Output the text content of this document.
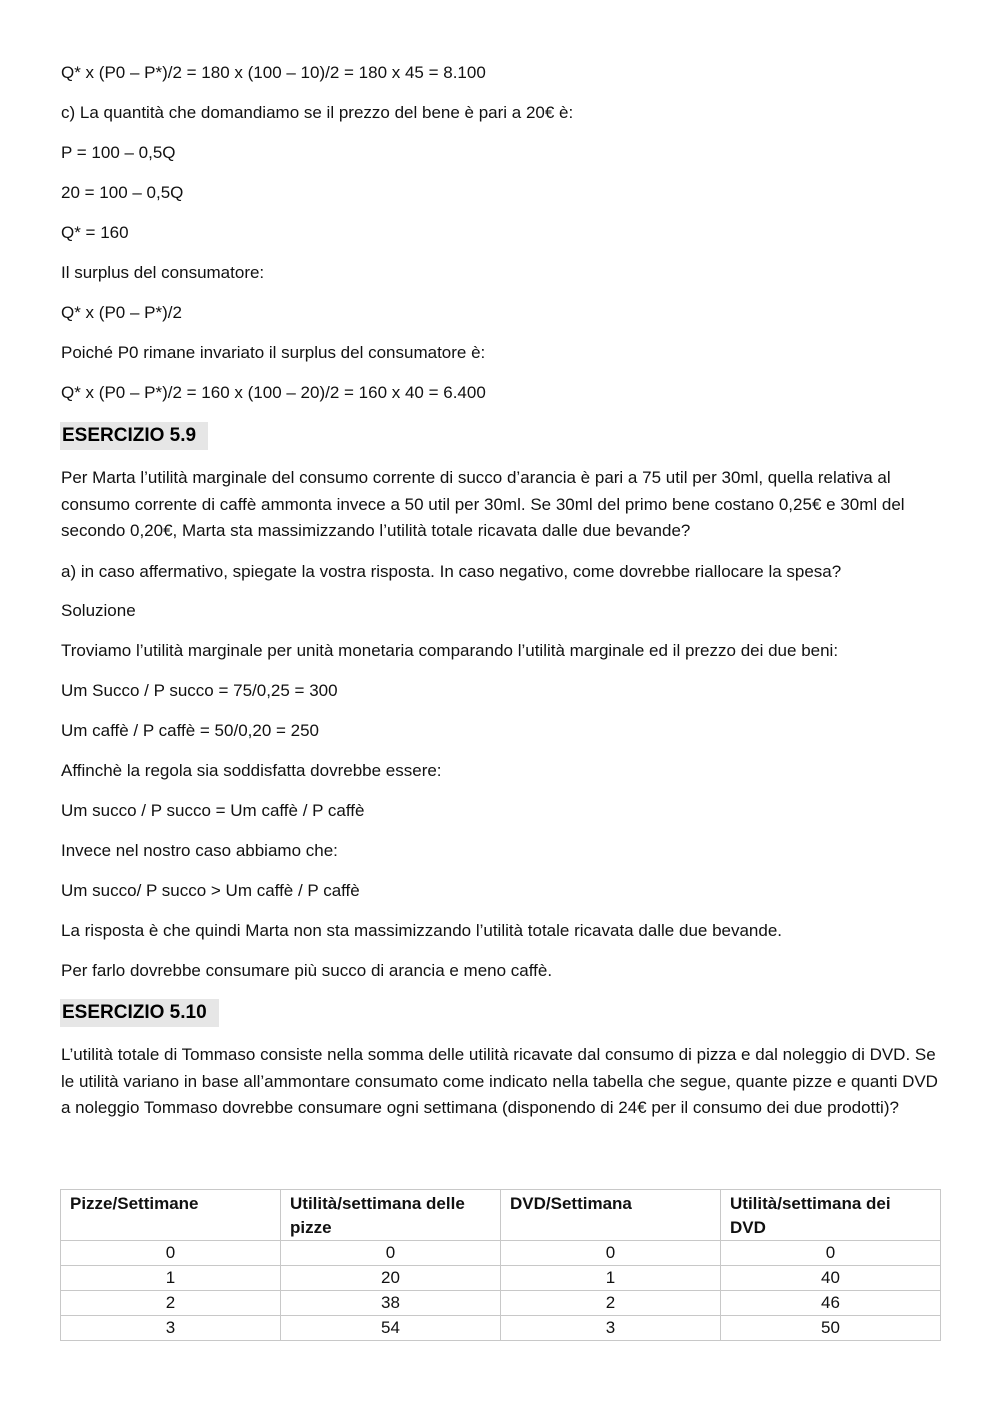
Q* x (P0 – P*)/2 = 180 x (100 – 10)/2 = 180 x 45 = 8.100
c) La quantità che domandiamo se il prezzo del bene è pari a 20€ è:
P = 100 – 0,5Q
20 = 100 – 0,5Q
Q* = 160
Il surplus del consumatore:
Q* x (P0 – P*)/2
Poiché P0 rimane invariato il surplus del consumatore è:
Q* x (P0 – P*)/2 = 160 x (100 – 20)/2 = 160 x 40 = 6.400
ESERCIZIO 5.9
Per Marta l’utilità marginale del consumo corrente di succo d’arancia è pari a 75 util per 30ml, quella relativa al consumo corrente di caffè ammonta invece a 50 util per 30ml. Se 30ml del primo bene costano 0,25€ e 30ml del secondo 0,20€, Marta sta massimizzando l’utilità totale ricavata dalle due bevande?
a) in caso affermativo, spiegate la vostra risposta. In caso negativo, come dovrebbe riallocare la spesa?
Soluzione
Troviamo l’utilità marginale per unità monetaria comparando l’utilità marginale ed il prezzo dei due beni:
Um Succo / P succo = 75/0,25 = 300
Um caffè / P caffè = 50/0,20 = 250
Affinchè la regola sia soddisfatta dovrebbe essere:
Um succo / P succo = Um caffè / P caffè
Invece nel nostro caso abbiamo che:
Um succo/ P succo > Um caffè / P caffè
La risposta è che quindi Marta non sta massimizzando l’utilità totale ricavata dalle due bevande.
Per farlo dovrebbe consumare più succo di arancia e meno caffè.
ESERCIZIO 5.10
L’utilità totale di Tommaso consiste nella somma delle utilità ricavate dal consumo di pizza e dal noleggio di DVD. Se le utilità variano in base all’ammontare consumato come indicato nella tabella che segue, quante pizze e quanti DVD a noleggio Tommaso dovrebbe consumare ogni settimana (disponendo di 24€ per il consumo dei due prodotti)?
Pizze/Settimane	Utilità/settimana delle pizze	DVD/Settimana	Utilità/settimana dei DVD
0	0	0	0
1	20	1	40
2	38	2	46
3	54	3	50
